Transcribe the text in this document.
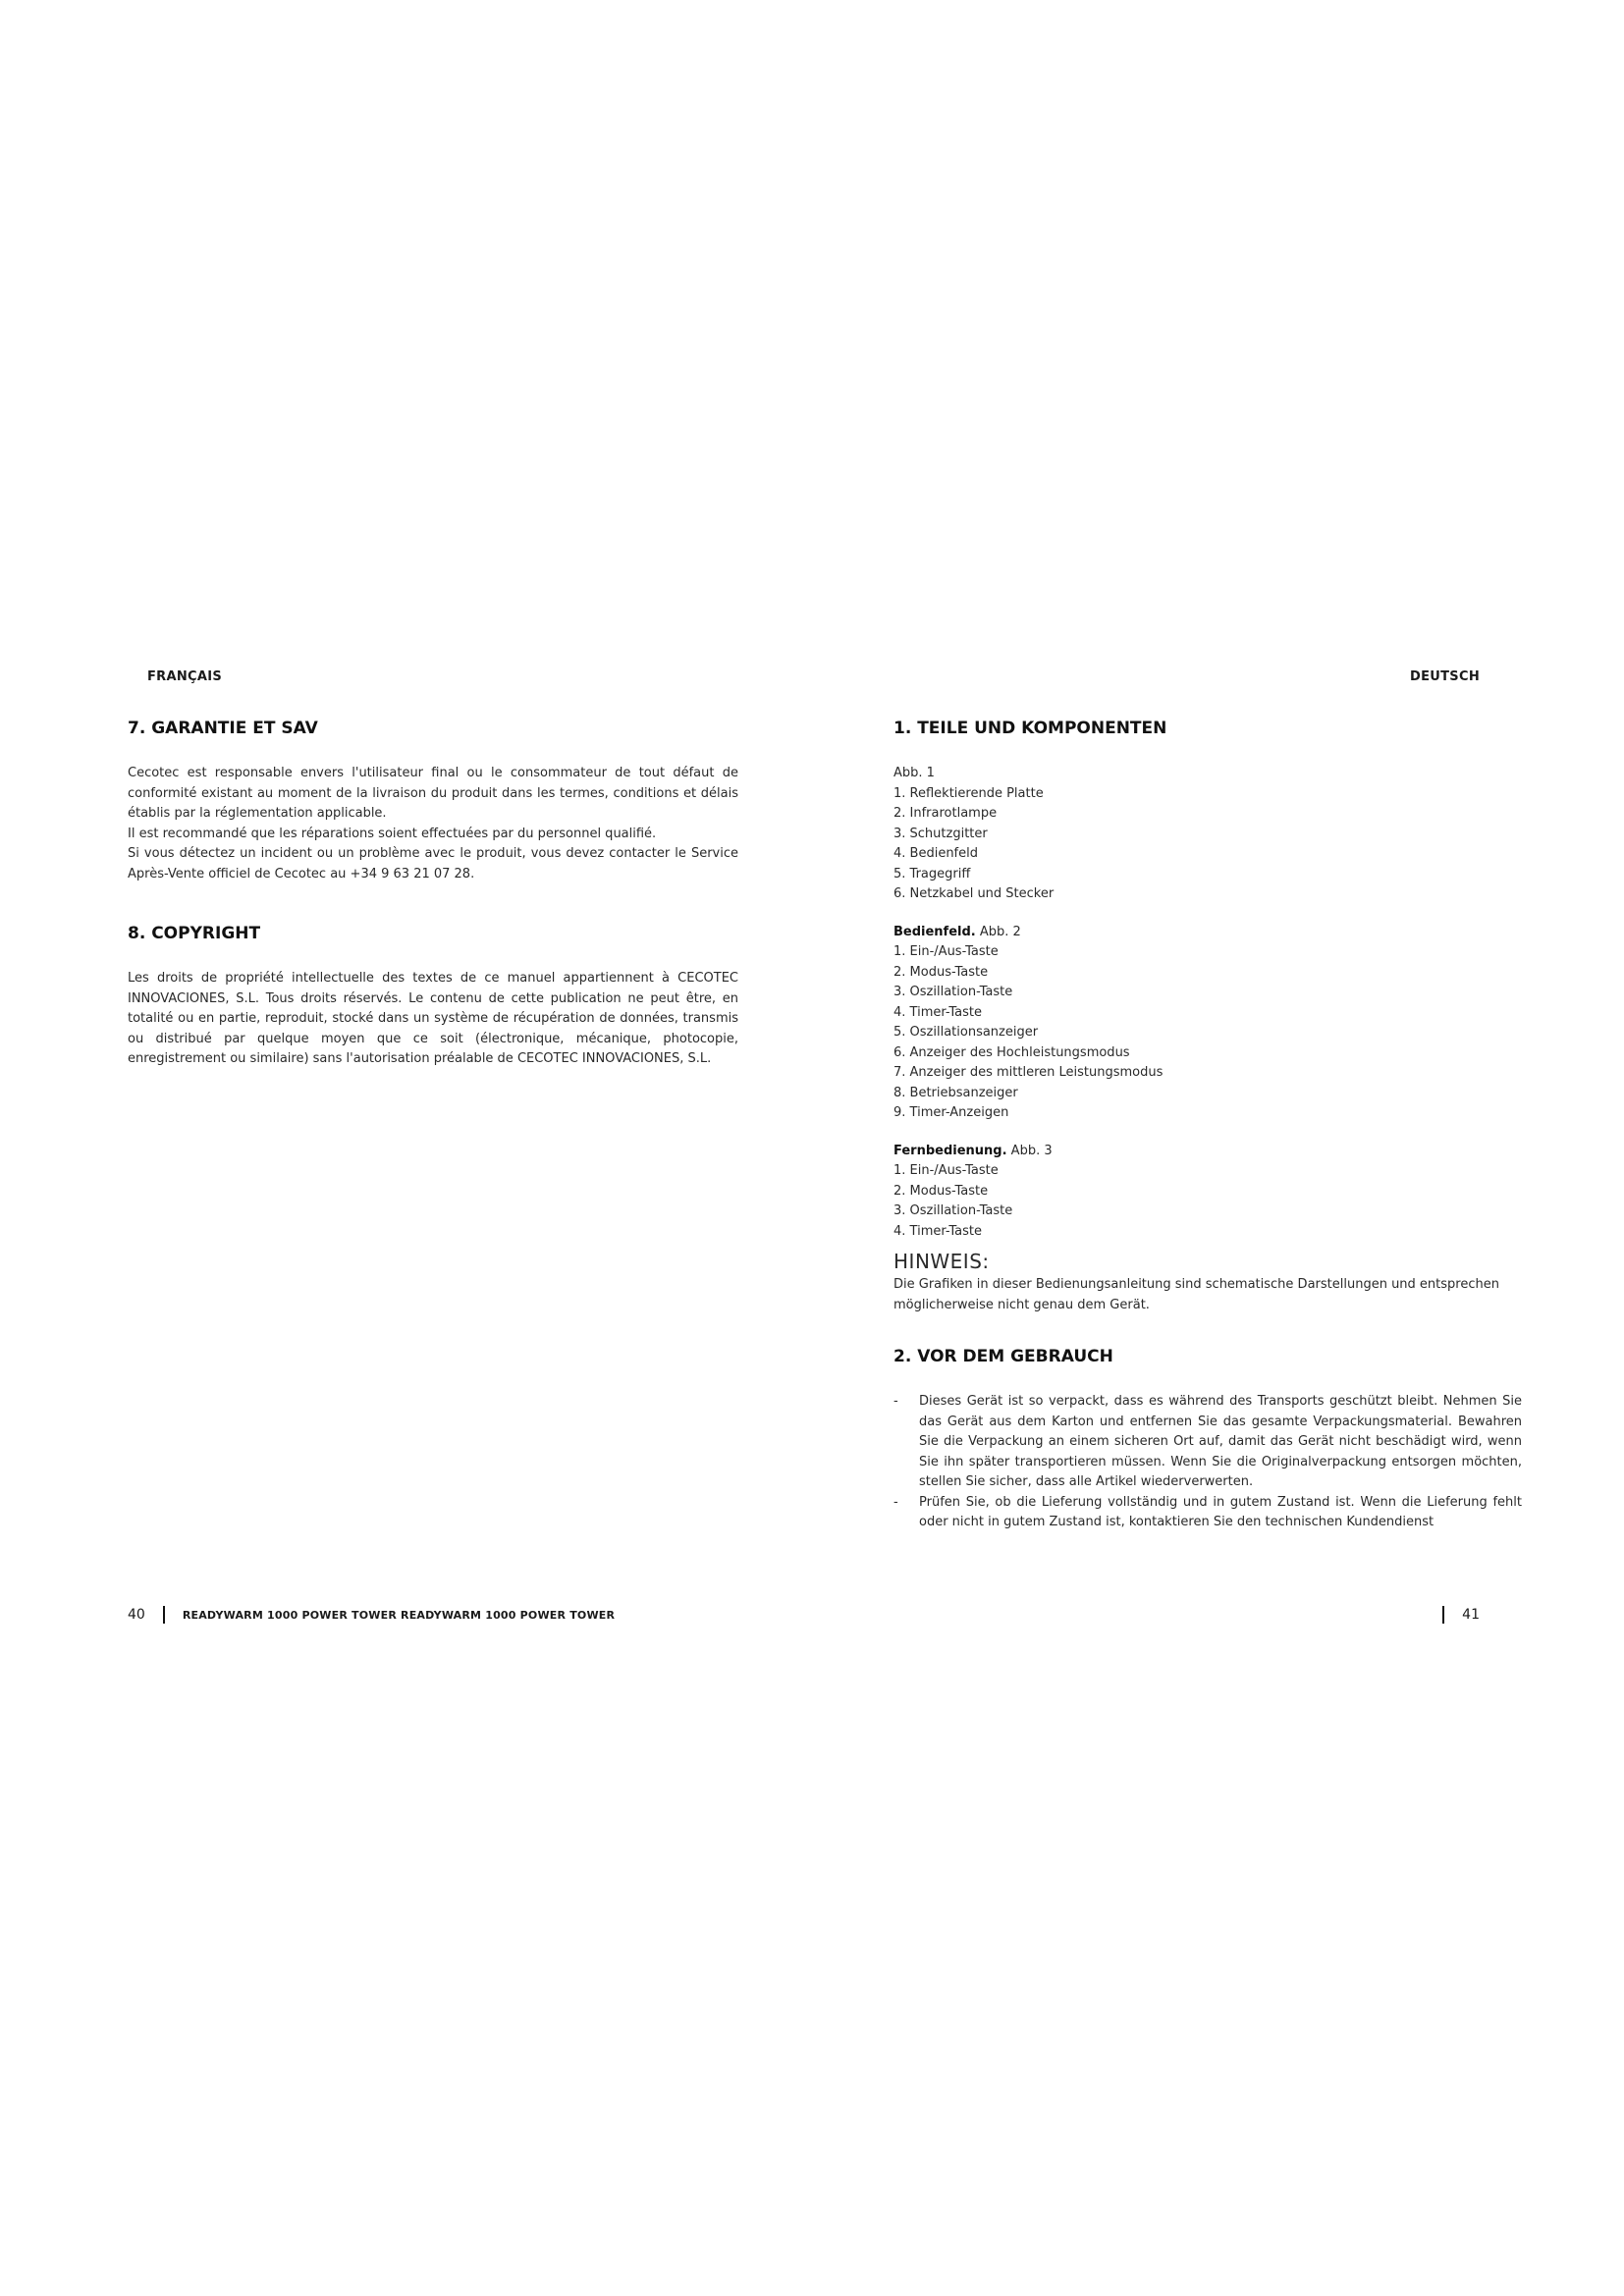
FRANÇAIS
7. GARANTIE ET SAV

Cecotec est responsable envers l'utilisateur final ou le consommateur de tout défaut de conformité existant au moment de la livraison du produit dans les termes, conditions et délais établis par la réglementation applicable.

Il est recommandé que les réparations soient effectuées par du personnel qualifié.

Si vous détectez un incident ou un problème avec le produit, vous devez contacter le Service Après-Vente officiel de Cecotec au +34 9 63 21 07 28.

8. COPYRIGHT

Les droits de propriété intellectuelle des textes de ce manuel appartiennent à CECOTEC INNOVACIONES, S.L. Tous droits réservés. Le contenu de cette publication ne peut être, en totalité ou en partie, reproduit, stocké dans un système de récupération de données, transmis ou distribué par quelque moyen que ce soit (électronique, mécanique, photocopie, enregistrement ou similaire) sans l'autorisation préalable de CECOTEC INNOVACIONES, S.L.

40	READYWARM 1000 POWER TOWER READYWARM 1000 POWER TOWER
DEUTSCH
1. TEILE UND KOMPONENTEN

Abb. 1

1. Reflektierende Platte
2. Infrarotlampe
3. Schutzgitter
4. Bedienfeld
5. Tragegriff
6. Netzkabel und Stecker

Bedienfeld. Abb. 2

1. Ein-/Aus-Taste
2. Modus-Taste
3. Oszillation-Taste
4. Timer-Taste
5. Oszillationsanzeiger
6. Anzeiger des Hochleistungsmodus
7. Anzeiger des mittleren Leistungsmodus
8. Betriebsanzeiger
9. Timer-Anzeigen

Fernbedienung. Abb. 3

1. Ein-/Aus-Taste
2. Modus-Taste
3. Oszillation-Taste
4. Timer-Taste
HINWEIS:

Die Grafiken in dieser Bedienungsanleitung sind schematische Darstellungen und entsprechen möglicherweise nicht genau dem Gerät.

2. VOR DEM GEBRAUCH
- Dieses Gerät ist so verpackt, dass es während des Transports geschützt bleibt. Nehmen Sie das Gerät aus dem Karton und entfernen Sie das gesamte Verpackungsmaterial. Bewahren Sie die Verpackung an einem sicheren Ort auf, damit das Gerät nicht beschädigt wird, wenn Sie ihn später transportieren müssen. Wenn Sie die Originalverpackung entsorgen möchten, stellen Sie sicher, dass alle Artikel wiederverwerten.
- Prüfen Sie, ob die Lieferung vollständig und in gutem Zustand ist. Wenn die Lieferung fehlt oder nicht in gutem Zustand ist, kontaktieren Sie den technischen Kundendienst
41
